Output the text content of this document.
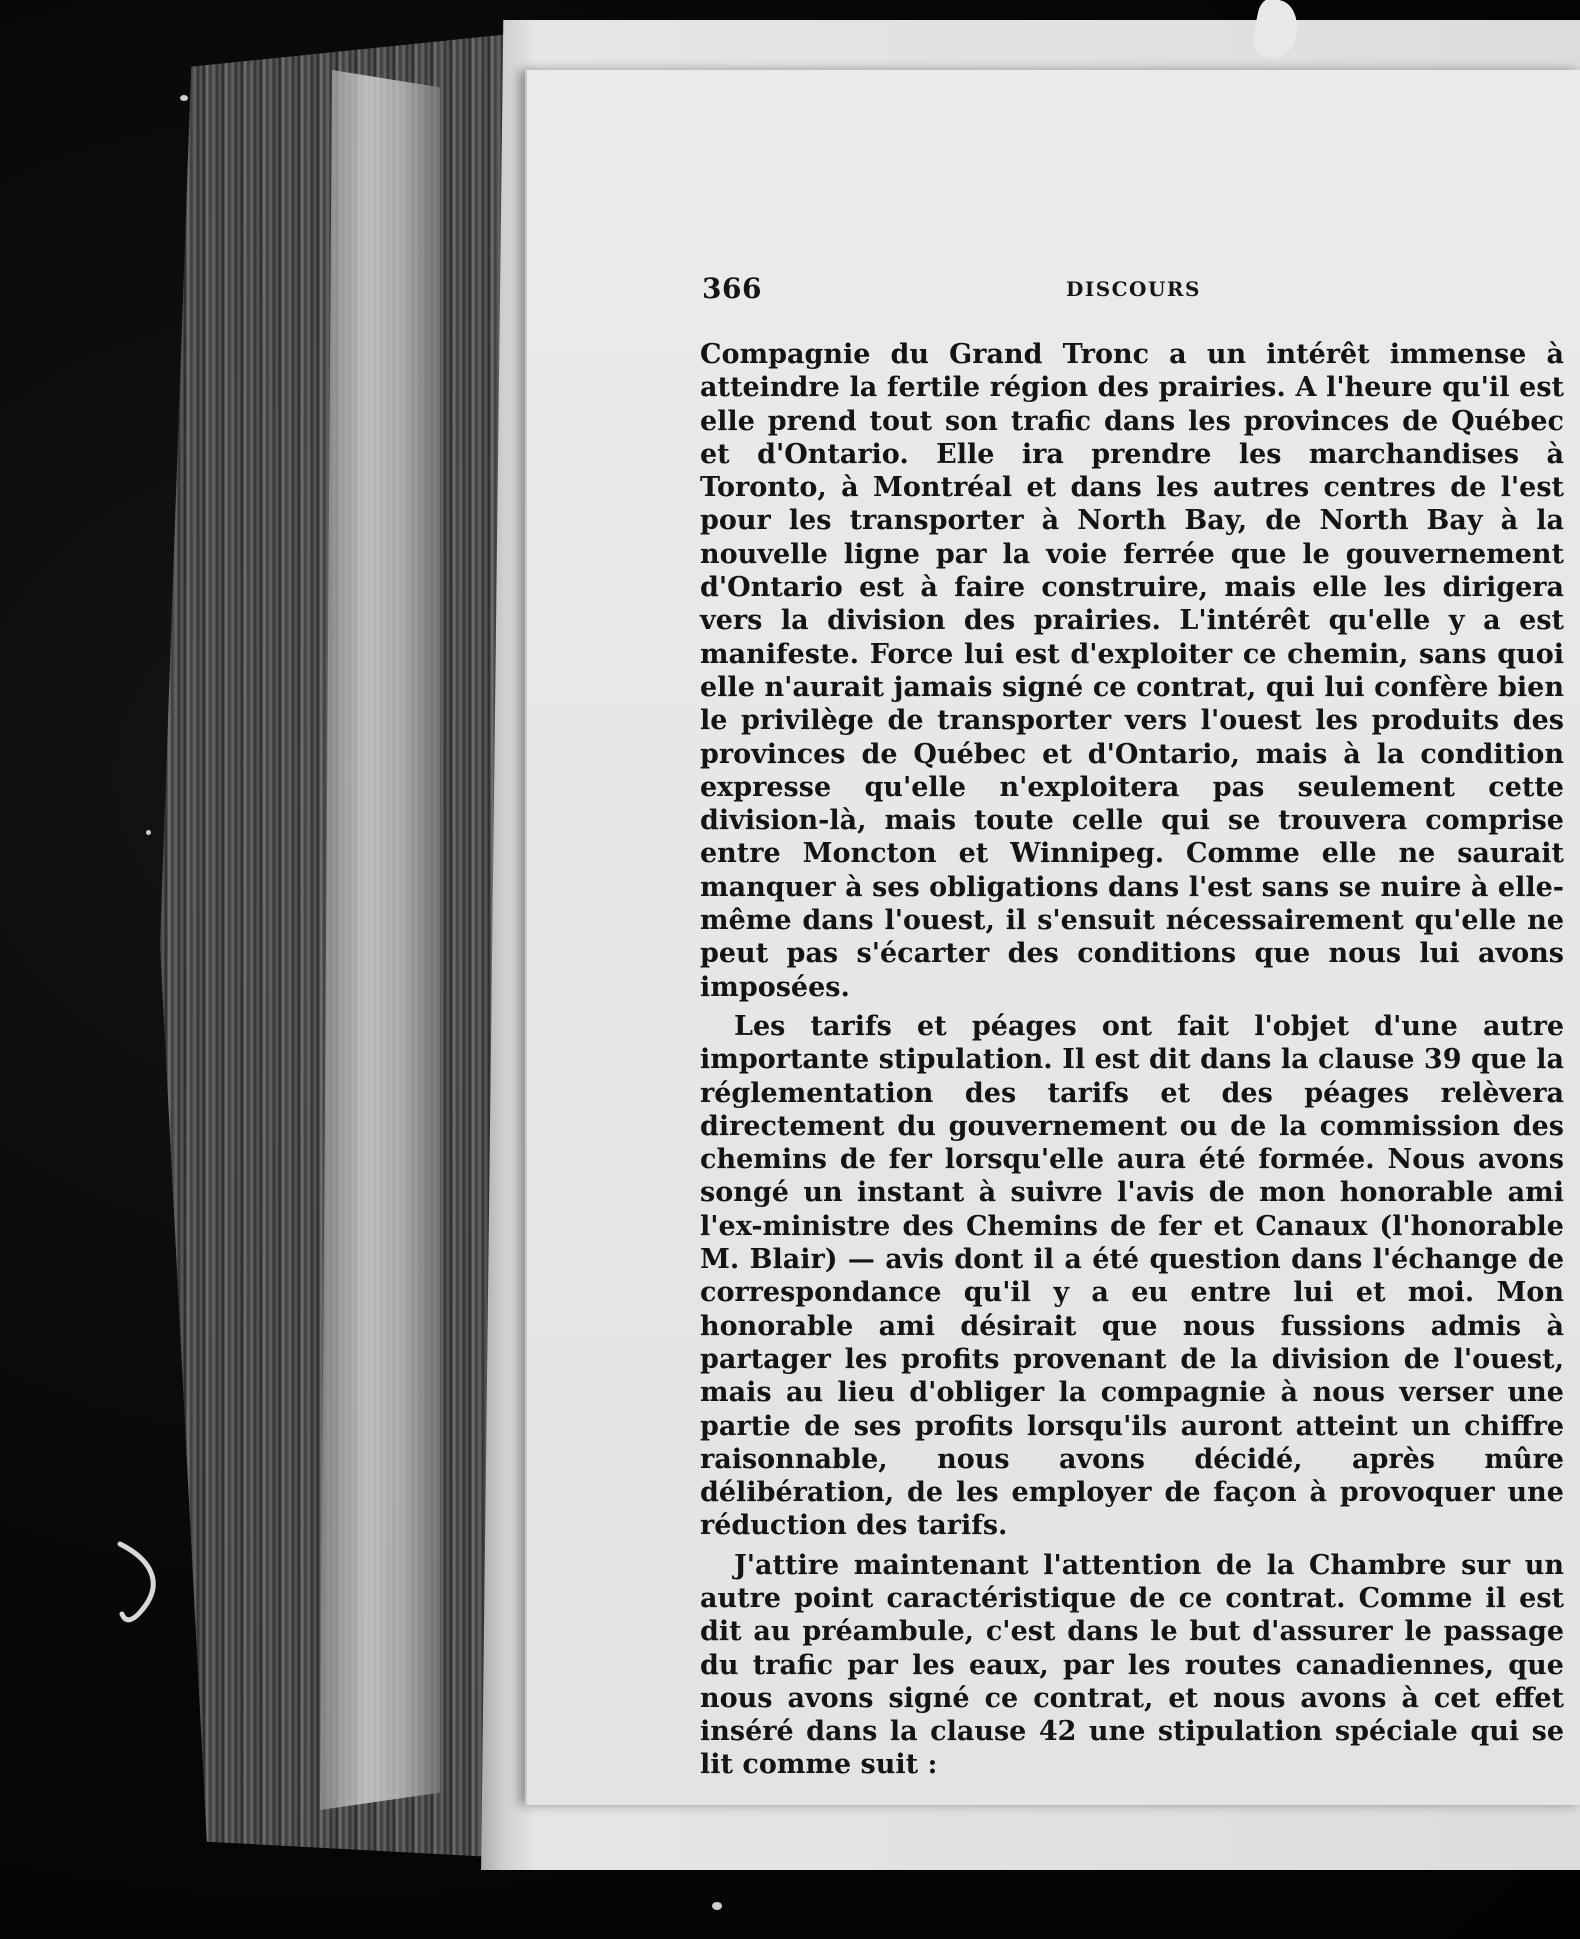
366	DISCOURS

Compagnie du Grand Tronc a un intérêt immense à atteindre la fertile région des prairies. A l'heure qu'il est elle prend tout son trafic dans les provinces de Québec et d'Ontario. Elle ira prendre les marchandises à Toronto, à Montréal et dans les autres centres de l'est pour les transporter à North Bay, de North Bay à la nouvelle ligne par la voie ferrée que le gouvernement d'Ontario est à faire construire, mais elle les dirigera vers la division des prairies. L'intérêt qu'elle y a est manifeste. Force lui est d'exploiter ce chemin, sans quoi elle n'aurait jamais signé ce contrat, qui lui confère bien le privilège de transporter vers l'ouest les produits des provinces de Québec et d'Ontario, mais à la condition expresse qu'elle n'exploitera pas seulement cette division-là, mais toute celle qui se trouvera comprise entre Moncton et Winnipeg. Comme elle ne saurait manquer à ses obligations dans l'est sans se nuire à elle-même dans l'ouest, il s'ensuit nécessairement qu'elle ne peut pas s'écarter des conditions que nous lui avons imposées.

Les tarifs et péages ont fait l'objet d'une autre importante stipulation. Il est dit dans la clause 39 que la réglementation des tarifs et des péages relèvera directement du gouvernement ou de la commission des chemins de fer lorsqu'elle aura été formée. Nous avons songé un instant à suivre l'avis de mon honorable ami l'ex-ministre des Chemins de fer et Canaux (l'honorable M. Blair) — avis dont il a été question dans l'échange de correspondance qu'il y a eu entre lui et moi. Mon honorable ami désirait que nous fussions admis à partager les profits provenant de la division de l'ouest, mais au lieu d'obliger la compagnie à nous verser une partie de ses profits lorsqu'ils auront atteint un chiffre raisonnable, nous avons décidé, après mûre délibération, de les employer de façon à provoquer une réduction des tarifs.

J'attire maintenant l'attention de la Chambre sur un autre point caractéristique de ce contrat. Comme il est dit au préambule, c'est dans le but d'assurer le passage du trafic par les eaux, par les routes canadiennes, que nous avons signé ce contrat, et nous avons à cet effet inséré dans la clause 42 une stipulation spéciale qui se lit comme suit :
